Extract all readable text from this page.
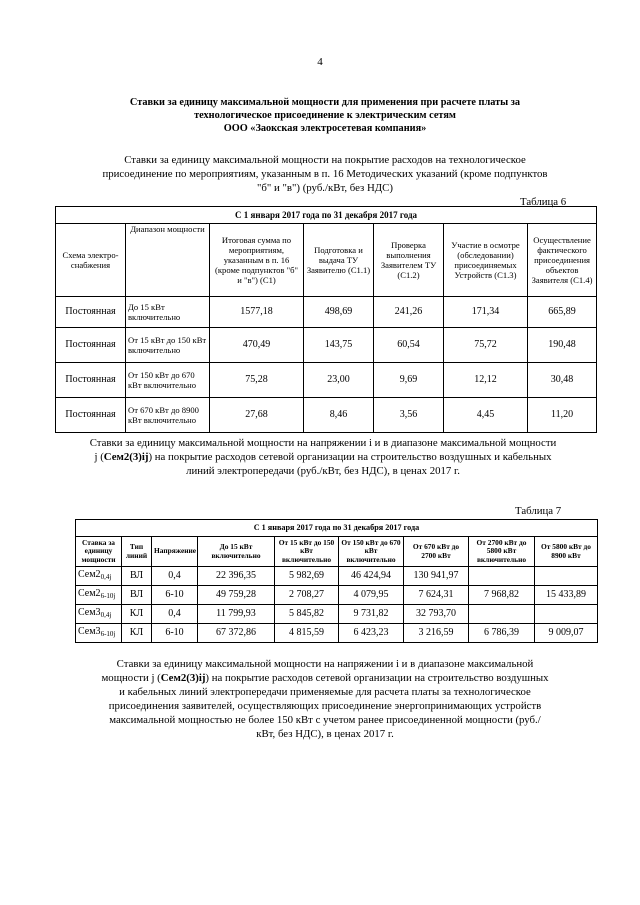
4
Ставки за единицу максимальной мощности для применения при расчете платы за
технологическое присоединение к электрическим сетям
ООО «Заокская электросетевая компания»
Ставки за единицу максимальной мощности на покрытие расходов на технологическое присоединение по мероприятиям, указанным в п. 16 Методических указаний (кроме подпунктов "б" и "в") (руб./кВт, без НДС)
Таблица 6
С 1 января 2017 года по 31 декабря 2017 года						
Схема электро-снабжения	Диапазон мощности	Итоговая сумма по мероприятиям, указанным в п. 16 (кроме подпунктов "б" и "в") (С1)	Подготовка и выдача ТУ Заявителю (С1.1)	Проверка выполнения Заявителем ТУ (С1.2)	Участие в осмотре (обследовании) присоединяемых Устройств (С1.3)	Осуществление фактического присоединения объектов Заявителя (С1.4)
Постоянная	До 15 кВт включительно	1577,18	498,69	241,26	171,34	665,89
Постоянная	От 15 кВт до 150 кВт включительно	470,49	143,75	60,54	75,72	190,48
Постоянная	От 150 кВт до 670 кВт включительно	75,28	23,00	9,69	12,12	30,48
Постоянная	От 670 кВт до 8900 кВт включительно	27,68	8,46	3,56	4,45	11,20
Ставки за единицу максимальной мощности на напряжении i и в диапазоне максимальной мощности j (Сем2(3)ij) на покрытие расходов сетевой организации на строительство воздушных и кабельных линий электропередачи (руб./кВт, без НДС), в ценах 2017 г.
Таблица 7
С 1 января 2017 года по 31 декабря 2017 года								
Ставка за единицу мощности	Тип линий	Напряжение	До 15 кВт включительно	От 15 кВт до 150 кВт включительно	От 150 кВт до 670 кВт включительно	От 670 кВт до 2700 кВт	От 2700 кВт до 5800 кВт включительно	От 5800 кВт до 8900 кВт
$Сем2_{0,4j}$	ВЛ	0,4	22 396,35	5 982,69	46 424,94	130 941,97		
$Сем2_{6-10j}$	ВЛ	6-10	49 759,28	2 708,27	4 079,95	7 624,31	7 968,82	15 433,89
$Сем3_{0,4j}$	КЛ	0,4	11 799,93	5 845,82	9 731,82	32 793,70		
$Сем3_{6-10j}$	КЛ	6-10	67 372,86	4 815,59	6 423,23	3 216,59	6 786,39	9 009,07
Ставки за единицу максимальной мощности на напряжении i и в диапазоне максимальной мощности j (Сем2(3)ij) на покрытие расходов сетевой организации на строительство воздушных и кабельных линий электропередачи применяемые для расчета платы за технологическое присоединения заявителей, осуществляющих присоединение энергопринимающих устройств максимальной мощностью не более 150 кВт с учетом ранее присоединенной мощности (руб./кВт, без НДС), в ценах 2017 г.
